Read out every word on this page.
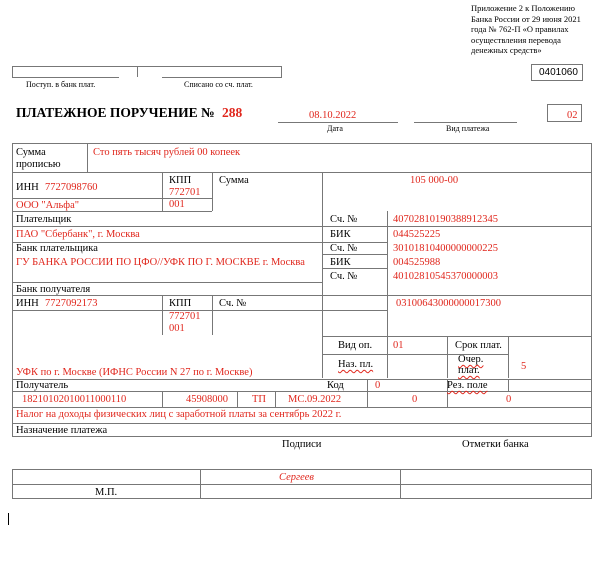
Приложение 2 к Положению Банка России от 29 июня 2021 года № 762-П «О правилах осуществления перевода денежных средств»
0401060
Поступ. в банк плат.	Списано со сч. плат.
ПЛАТЕЖНОЕ ПОРУЧЕНИЕ № 288	08.10.2022
Дата	Вид платежа
02
Сумма прописью
Сто пять тысяч рублей 00 копеек
ИНН 7727098760
КПП
772701 001
Сумма	105 000-00
ООО "Альфа"
Плательщик	Сч. №	40702810190388912345
ПАО "Сбербанк", г. Москва	БИК	044525225
Банк плательщика	Сч. №	30101810400000000225
ГУ БАНКА РОССИИ ПО ЦФО//УФК ПО Г. МОСКВЕ г. Москва	БИК	004525988
Сч. №	40102810545370000003
Банк получателя
ИНН 7727092173	КПП
772701 001
Сч. №	03100643000000017300
Вид оп. 01	Срок плат.
Наз. пл.	Очер. плат.	5
УФК по г. Москве (ИФНС России N 27 по г. Москве)
Получатель	Код	0	Рез. поле
18210102010011000110	45908000 ТП МС.09.2022	0	0
Налог на доходы физических лиц с заработной платы за сентябрь 2022 г.
Назначение платежа
Подписи	Отметки банка
Сергеев
М.П.
